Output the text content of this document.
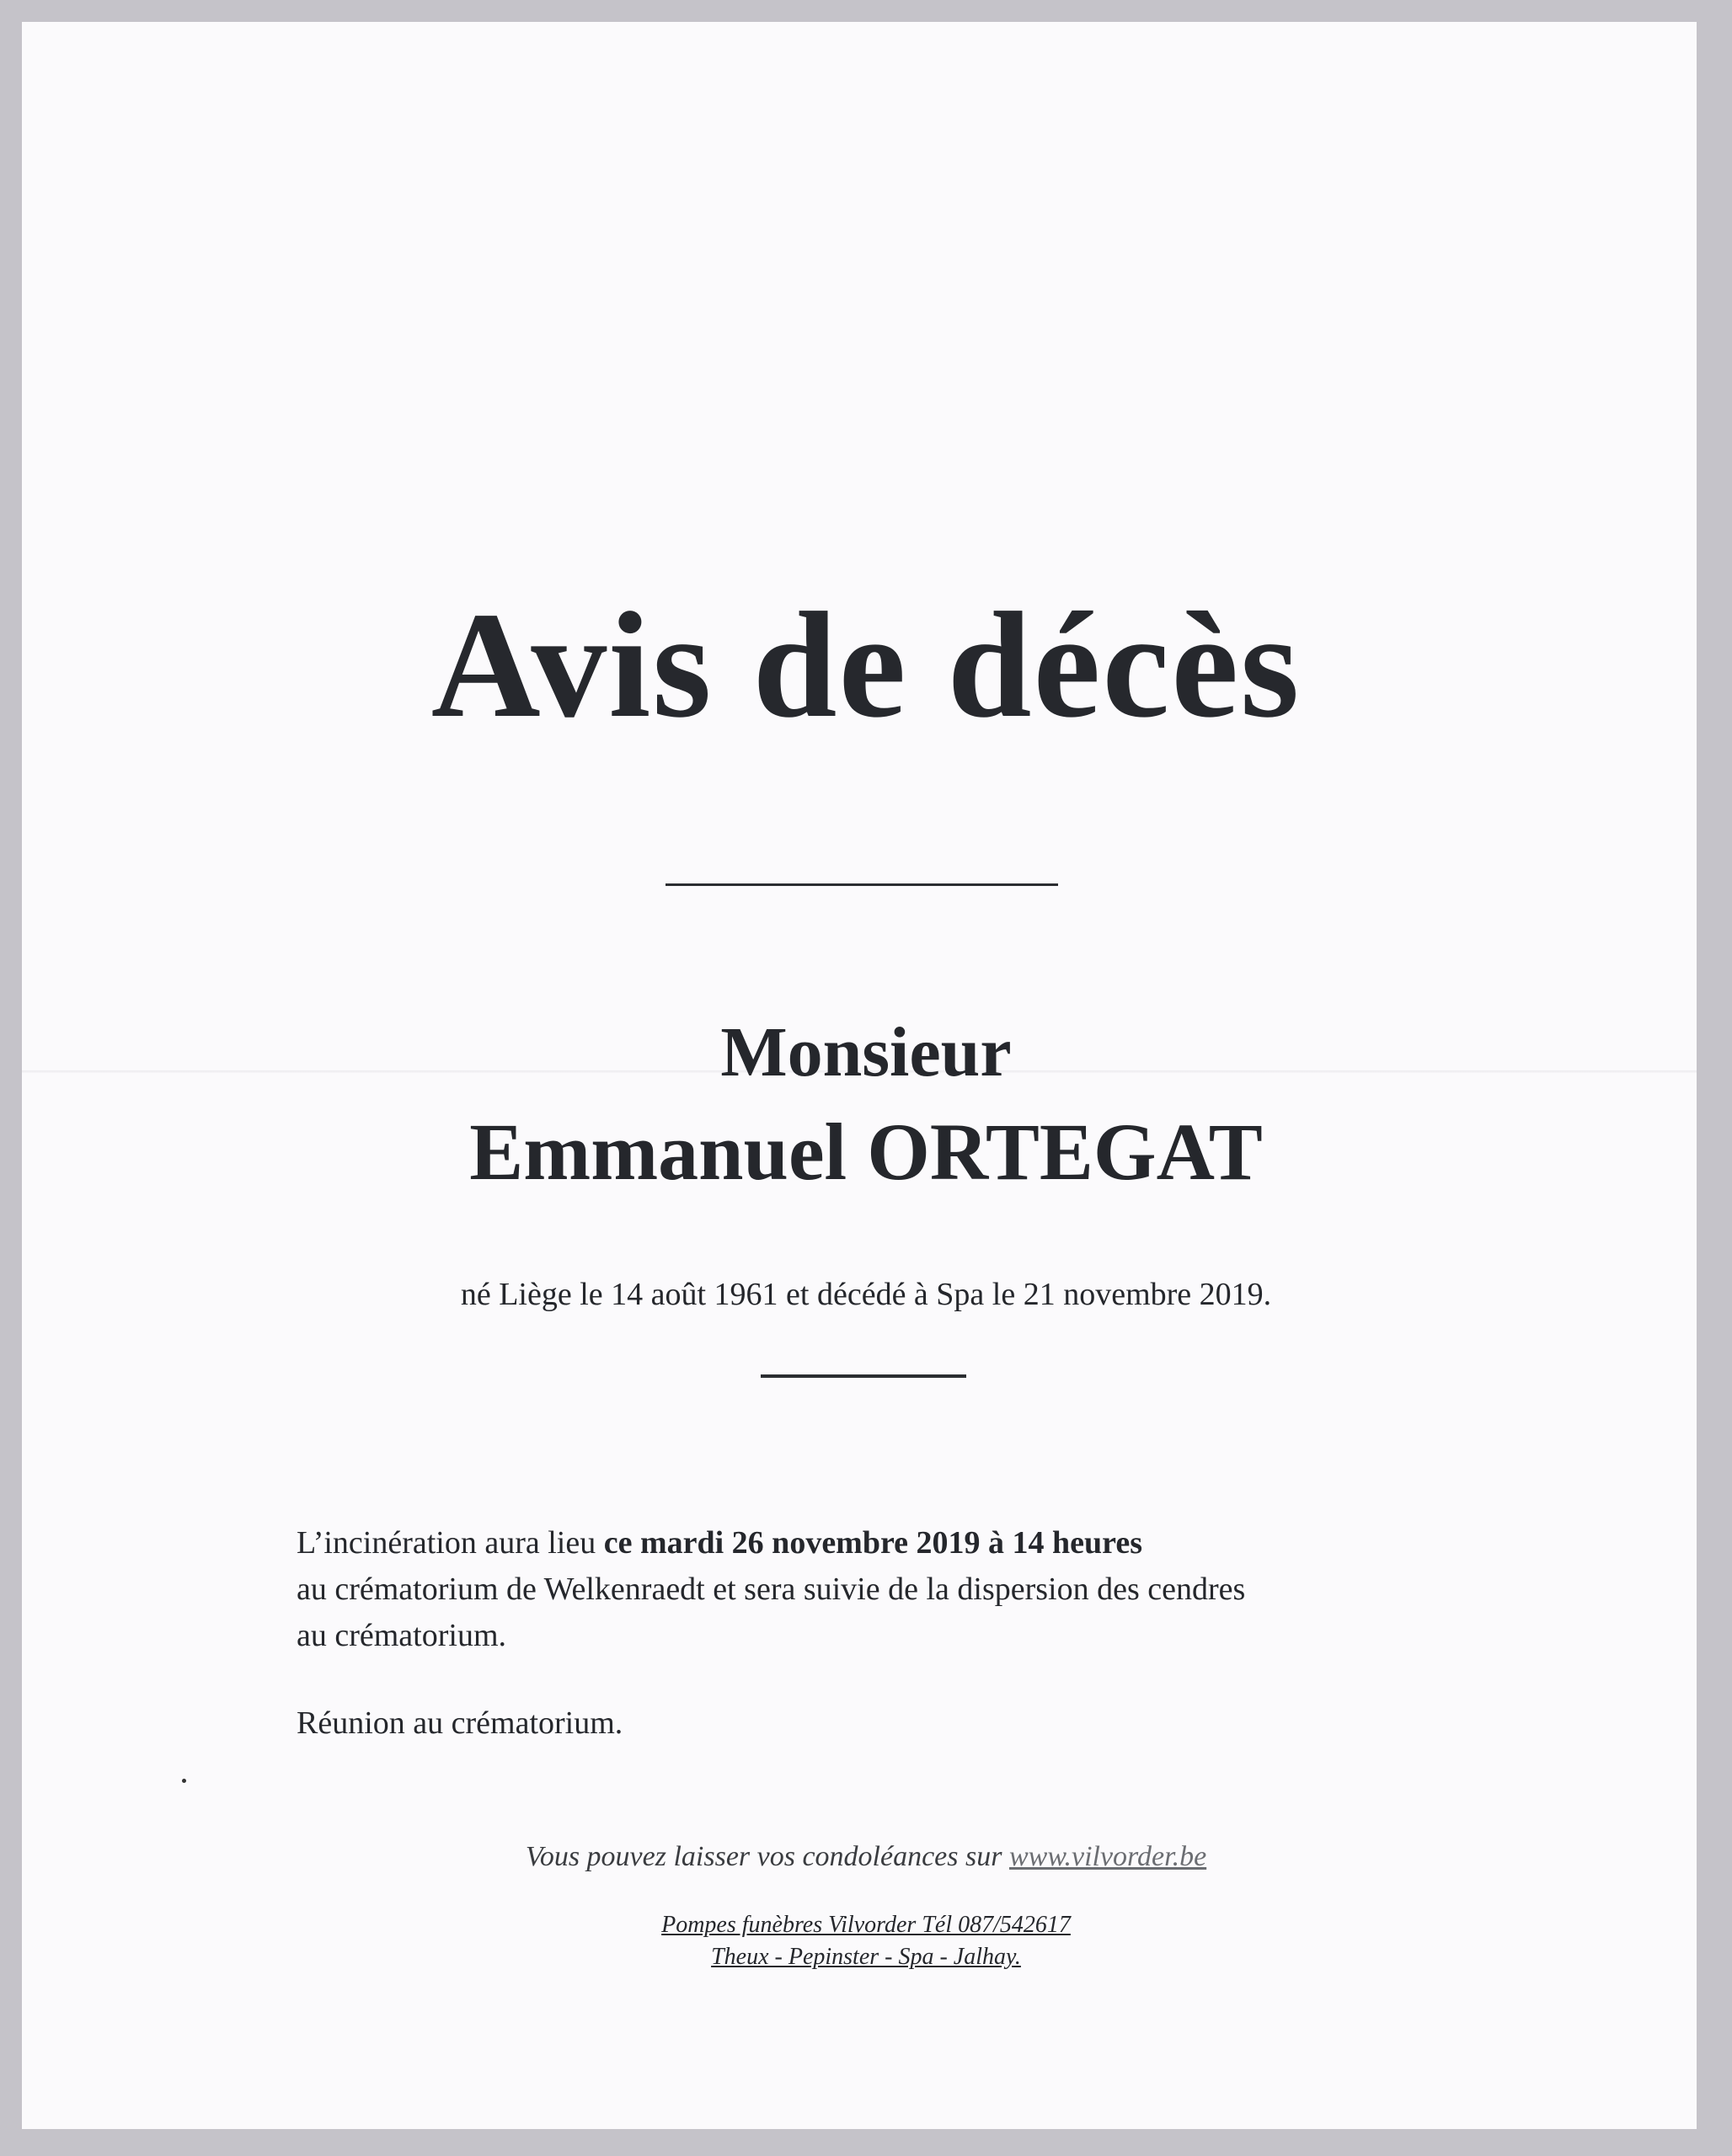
Avis de décès
Monsieur
Emmanuel ORTEGAT
né Liège le 14 août 1961 et décédé à Spa le 21 novembre 2019.

L’incinération aura lieu ce mardi 26 novembre 2019 à 14 heures

au crématorium de Welkenraedt et sera suivie de la dispersion des cendres

au crématorium.

Réunion au crématorium.
Vous pouvez laisser vos condoléances sur www.vilvorder.be
Pompes funèbres Vilvorder Tél 087/542617
Theux - Pepinster - Spa - Jalhay.
